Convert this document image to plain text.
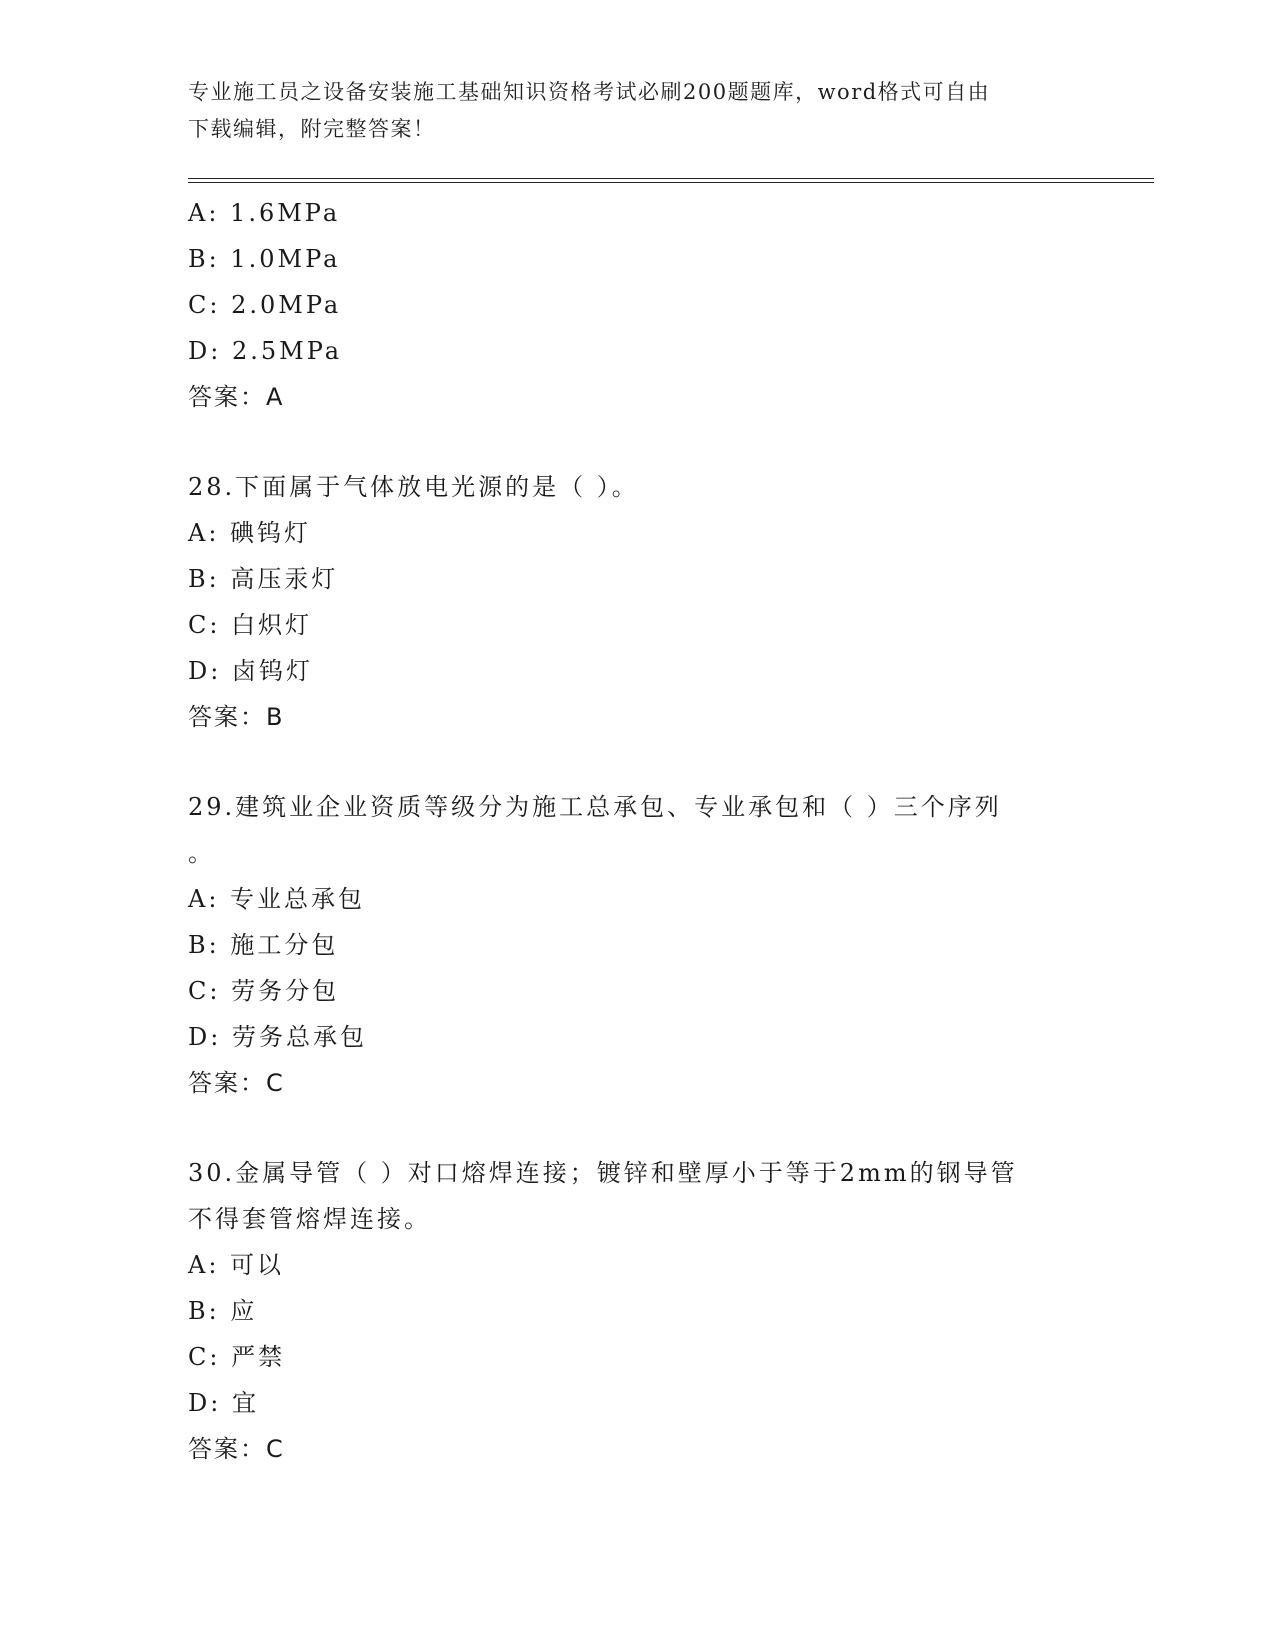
专业施工员之设备安装施工基础知识资格考试必刷200题题库，word格式可自由
下载编辑，附完整答案！
A: 1.6MPa
B: 1.0MPa
C: 2.0MPa
D: 2.5MPa
答案：A
28.下面属于气体放电光源的是（ ）。
A: 碘钨灯
B: 高压汞灯
C: 白炽灯
D: 卤钨灯
答案：B
29.建筑业企业资质等级分为施工总承包、专业承包和（ ）三个序列
。
A: 专业总承包
B: 施工分包
C: 劳务分包
D: 劳务总承包
答案：C
30.金属导管（ ）对口熔焊连接；镀锌和壁厚小于等于2mm的钢导管
不得套管熔焊连接。
A: 可以
B: 应
C: 严禁
D: 宜
答案：C
